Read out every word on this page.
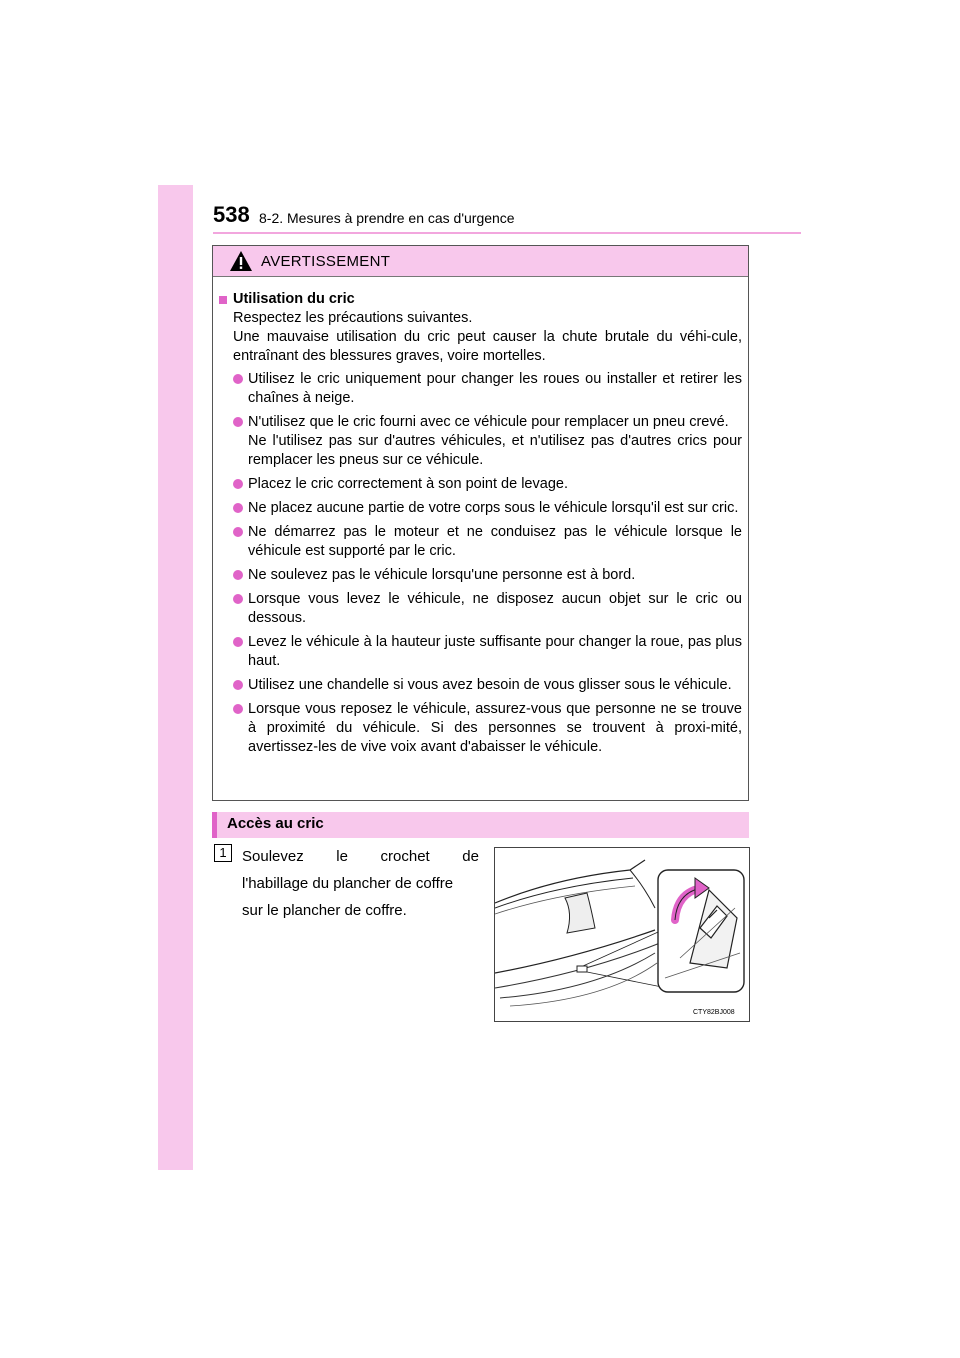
538 8-2. Mesures à prendre en cas d'urgence
AVERTISSEMENT
Utilisation du cric
Respectez les précautions suivantes.
Une mauvaise utilisation du cric peut causer la chute brutale du véhi-cule, entraînant des blessures graves, voire mortelles.
Utilisez le cric uniquement pour changer les roues ou installer et retirer les chaînes à neige.
N'utilisez que le cric fourni avec ce véhicule pour remplacer un pneu crevé.
Ne l'utilisez pas sur d'autres véhicules, et n'utilisez pas d'autres crics pour remplacer les pneus sur ce véhicule.
Placez le cric correctement à son point de levage.
Ne placez aucune partie de votre corps sous le véhicule lorsqu'il est sur cric.
Ne démarrez pas le moteur et ne conduisez pas le véhicule lorsque le véhicule est supporté par le cric.
Ne soulevez pas le véhicule lorsqu'une personne est à bord.
Lorsque vous levez le véhicule, ne disposez aucun objet sur le cric ou dessous.
Levez le véhicule à la hauteur juste suffisante pour changer la roue, pas plus haut.
Utilisez une chandelle si vous avez besoin de vous glisser sous le véhicule.
Lorsque vous reposez le véhicule, assurez-vous que personne ne se trouve à proximité du véhicule. Si des personnes se trouvent à proxi-mité, avertissez-les de vive voix avant d'abaisser le véhicule.
Accès au cric
1	Soulevez le crochet de
l'habillage du plancher de coffre
sur le plancher de coffre.
CTY82BJ008
